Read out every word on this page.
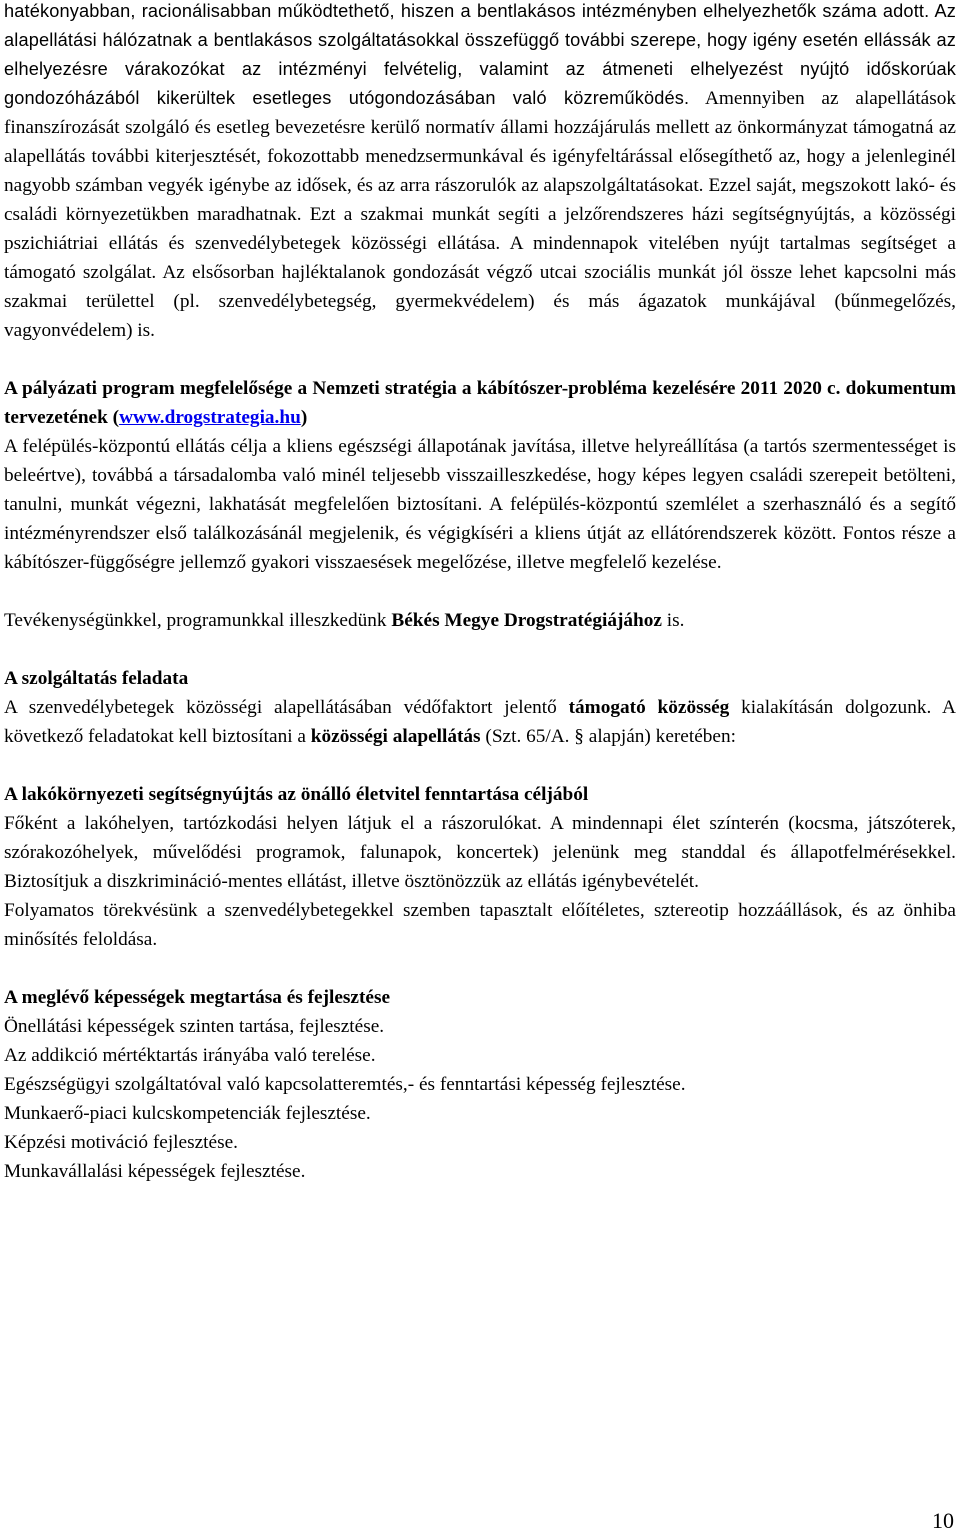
hatékonyabban, racionálisabban működtethető, hiszen a bentlakásos intézményben elhelyezhetők száma adott. Az alapellátási hálózatnak a bentlakásos szolgáltatásokkal összefüggő további szerepe, hogy igény esetén ellássák az elhelyezésre várakozókat az intézményi felvételig, valamint az átmeneti elhelyezést nyújtó időskorúak gondozóházából kikerültek esetleges utógondozásában való közreműködés. Amennyiben az alapellátások finanszírozását szolgáló és esetleg bevezetésre kerülő normatív állami hozzájárulás mellett az önkormányzat támogatná az alapellátás további kiterjesztését, fokozottabb menedzsermunkával és igényfeltárással elősegíthető az, hogy a jelenleginél nagyobb számban vegyék igénybe az idősek, és az arra rászorulók az alapszolgáltatásokat. Ezzel saját, megszokott lakó- és családi környezetükben maradhatnak. Ezt a szakmai munkát segíti a jelzőrendszeres házi segítségnyújtás, a közösségi pszichiátriai ellátás és szenvedélybetegek közösségi ellátása. A mindennapok vitelében nyújt tartalmas segítséget a támogató szolgálat. Az elsősorban hajléktalanok gondozását végző utcai szociális munkát jól össze lehet kapcsolni más szakmai területtel (pl. szenvedélybetegség, gyermekvédelem) és más ágazatok munkájával (bűnmegelőzés, vagyonvédelem) is.

A pályázati program megfelelősége a Nemzeti stratégia a kábítószer-probléma kezelésére 2011 2020 c. dokumentum tervezetének (www.drogstrategia.hu)

A felépülés-központú ellátás célja a kliens egészségi állapotának javítása, illetve helyreállítása (a tartós szermentességet is beleértve), továbbá a társadalomba való minél teljesebb visszailleszkedése, hogy képes legyen családi szerepeit betölteni, tanulni, munkát végezni, lakhatását megfelelően biztosítani. A felépülés-központú szemlélet a szerhasználó és a segítő intézményrendszer első találkozásánál megjelenik, és végigkíséri a kliens útját az ellátórendszerek között. Fontos része a kábítószer-függőségre jellemző gyakori visszaesések megelőzése, illetve megfelelő kezelése.

Tevékenységünkkel, programunkkal illeszkedünk Békés Megye Drogstratégiájához is.

A szolgáltatás feladata

A szenvedélybetegek közösségi alapellátásában védőfaktort jelentő támogató közösség kialakításán dolgozunk. A következő feladatokat kell biztosítani a közösségi alapellátás (Szt. 65/A. § alapján) keretében:

A lakókörnyezeti segítségnyújtás az önálló életvitel fenntartása céljából

Főként a lakóhelyen, tartózkodási helyen látjuk el a rászorulókat. A mindennapi élet színterén (kocsma, játszóterek, szórakozóhelyek, művelődési programok, falunapok, koncertek) jelenünk meg standdal és állapotfelmérésekkel. Biztosítjuk a diszkrimináció-mentes ellátást, illetve ösztönözzük az ellátás igénybevételét.

Folyamatos törekvésünk a szenvedélybetegekkel szemben tapasztalt előítéletes, sztereotip hozzáállások, és az önhiba minősítés feloldása.

A meglévő képességek megtartása és fejlesztése

Önellátási képességek szinten tartása, fejlesztése.

Az addikció mértéktartás irányába való terelése.

Egészségügyi szolgáltatóval való kapcsolatteremtés,- és fenntartási képesség fejlesztése.

Munkaerő-piaci kulcskompetenciák fejlesztése.

Képzési motiváció fejlesztése.

Munkavállalási képességek fejlesztése.

10
